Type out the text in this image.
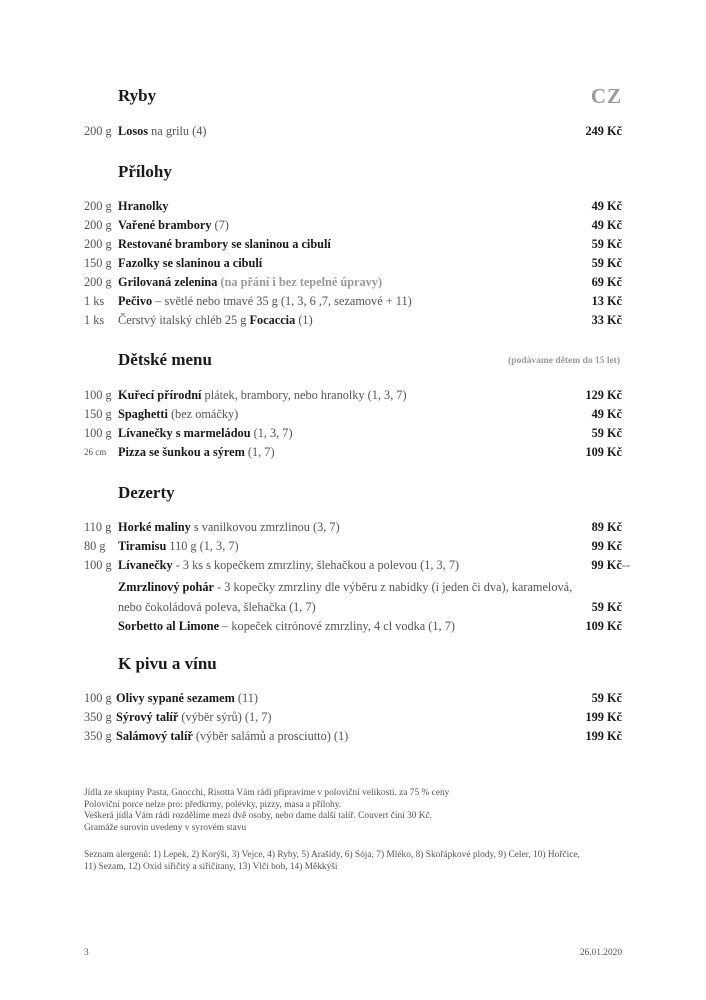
Ryby	CZ
200 g Losos na grilu (4)	249 Kč
Přílohy
200 g Hranolky	49 Kč
200 g Vařené brambory (7)	49 Kč
200 g Restované brambory se slaninou a cibulí	59 Kč
150 g Fazolky se slaninou a cibulí	59 Kč
200 g Grilovaná zelenina (na přání i bez tepelné úpravy)	69 Kč
1 ks Pečivo – světlé nebo tmavé 35 g (1, 3, 6 ,7, sezamové + 11)	13 Kč
1 ks Čerstvý italský chléb 25 g Focaccia (1)	33 Kč
Dětské menu	(podávame dětem do 15 let)
100 g Kuřecí přírodní plátek, brambory, nebo hranolky (1, 3, 7)	129 Kč
150 g Spaghetti (bez omáčky)	49 Kč
100 g Lívanečky s marmeládou (1, 3, 7)	59 Kč
26 cm Pizza se šunkou a sýrem (1, 7)	109 Kč
Dezerty
110 g Horké maliny s vanilkovou zmrzlinou (3, 7)	89 Kč
80 g Tiramisu 110 g (1, 3, 7)	99 Kč
100 g Lívanečky - 3 ks s kopečkem zmrzliny, šlehačkou a polevou (1, 3, 7)	99 Kč--
Zmrzlinový pohár - 3 kopečky zmrzliny dle výběru z nabídky (i jeden či dva), karamelová,
nebo čokoládová poleva, šlehačka (1, 7)	59 Kč
Sorbetto al Limone – kopeček citrónové zmrzliny, 4 cl vodka (1, 7)	109 Kč
K pivu a vínu
100 g Olivy sypané sezamem (11)	59 Kč
350 g Sýrový talíř (výběr sýrů) (1, 7)	199 Kč
350 g Salámový talíř (výběr salámů a prosciutto) (1)	199 Kč
Jídla ze skupiny Pasta, Gnocchi, Risotta Vám rádi připravíme v poloviční velikosti. za 75 % ceny
Poloviční porce nelze pro: předkrmy, polévky, pizzy, masa a přílohy.
Veškerá jídla Vám rádi rozdělíme mezi dvě osoby, nebo dame další talíř. Couvert činí 30 Kč.
Gramáže surovin uvedeny v syrovém stavu
Seznam alergenů: 1) Lepek, 2) Korýši, 3) Vejce, 4) Ryby, 5) Arašídy, 6) Sója, 7) Mléko, 8) Skořápkové plody, 9) Celer, 10) Hořčice,
11) Sezam, 12) Oxid siřičitý a siřičitany, 13) Vlčí bob, 14) Měkkýši
3	26.01.2020
